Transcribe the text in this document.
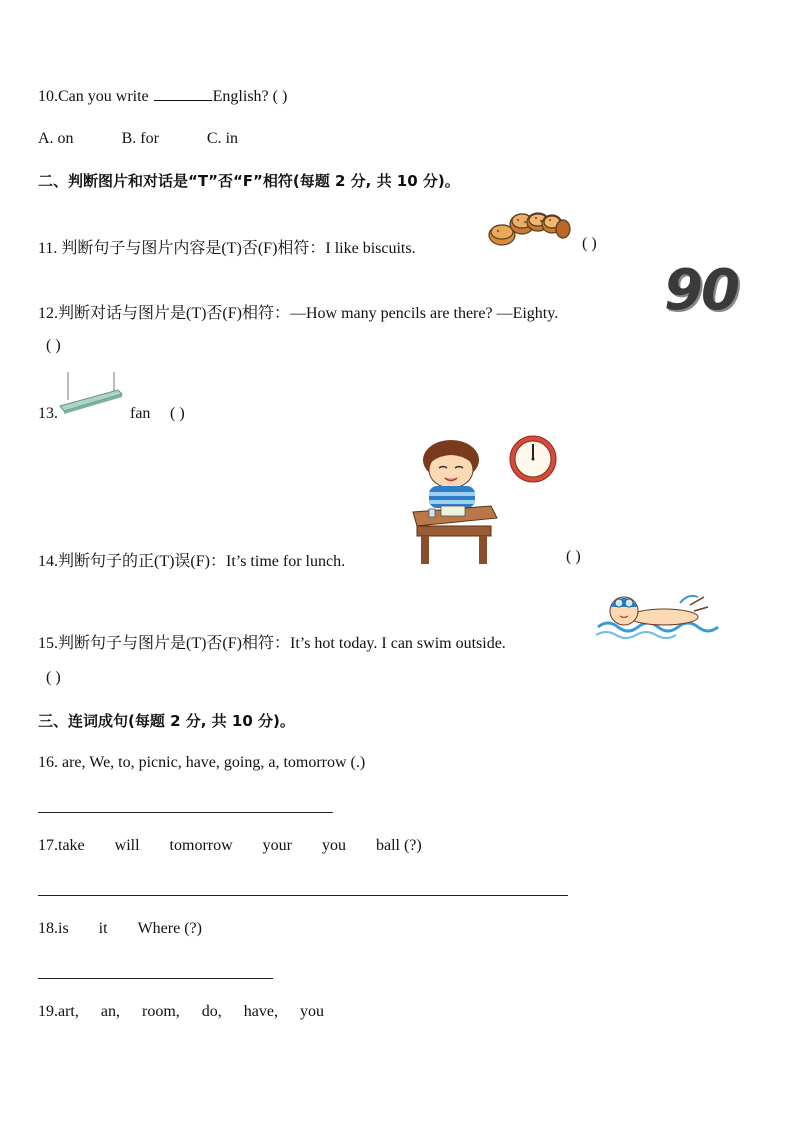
10.Can you write	English? ( )
A. on	B. for	C. in
二、判断图片和对话是“T”否“F”相符(每题 2 分, 共 10 分)。
11. 判断句子与图片内容是(T)否(F)相符：I like biscuits.	( )
12.判断对话与图片是(T)否(F)相符：—How many pencils are there? —Eighty. 90
( )
13.	fan ( )
14.判断句子的正(T)误(F)：It’s time for lunch.	( )
15.判断句子与图片是(T)否(F)相符：It’s hot today. I can swim outside.
( )
三、连词成句(每题 2 分, 共 10 分)。
16. are, We, to, picnic, have, going, a, tomorrow (.)
17.take will tomorrow your you ball (?)
18.is it Where (?)
19.art, an, room, do, have, you
